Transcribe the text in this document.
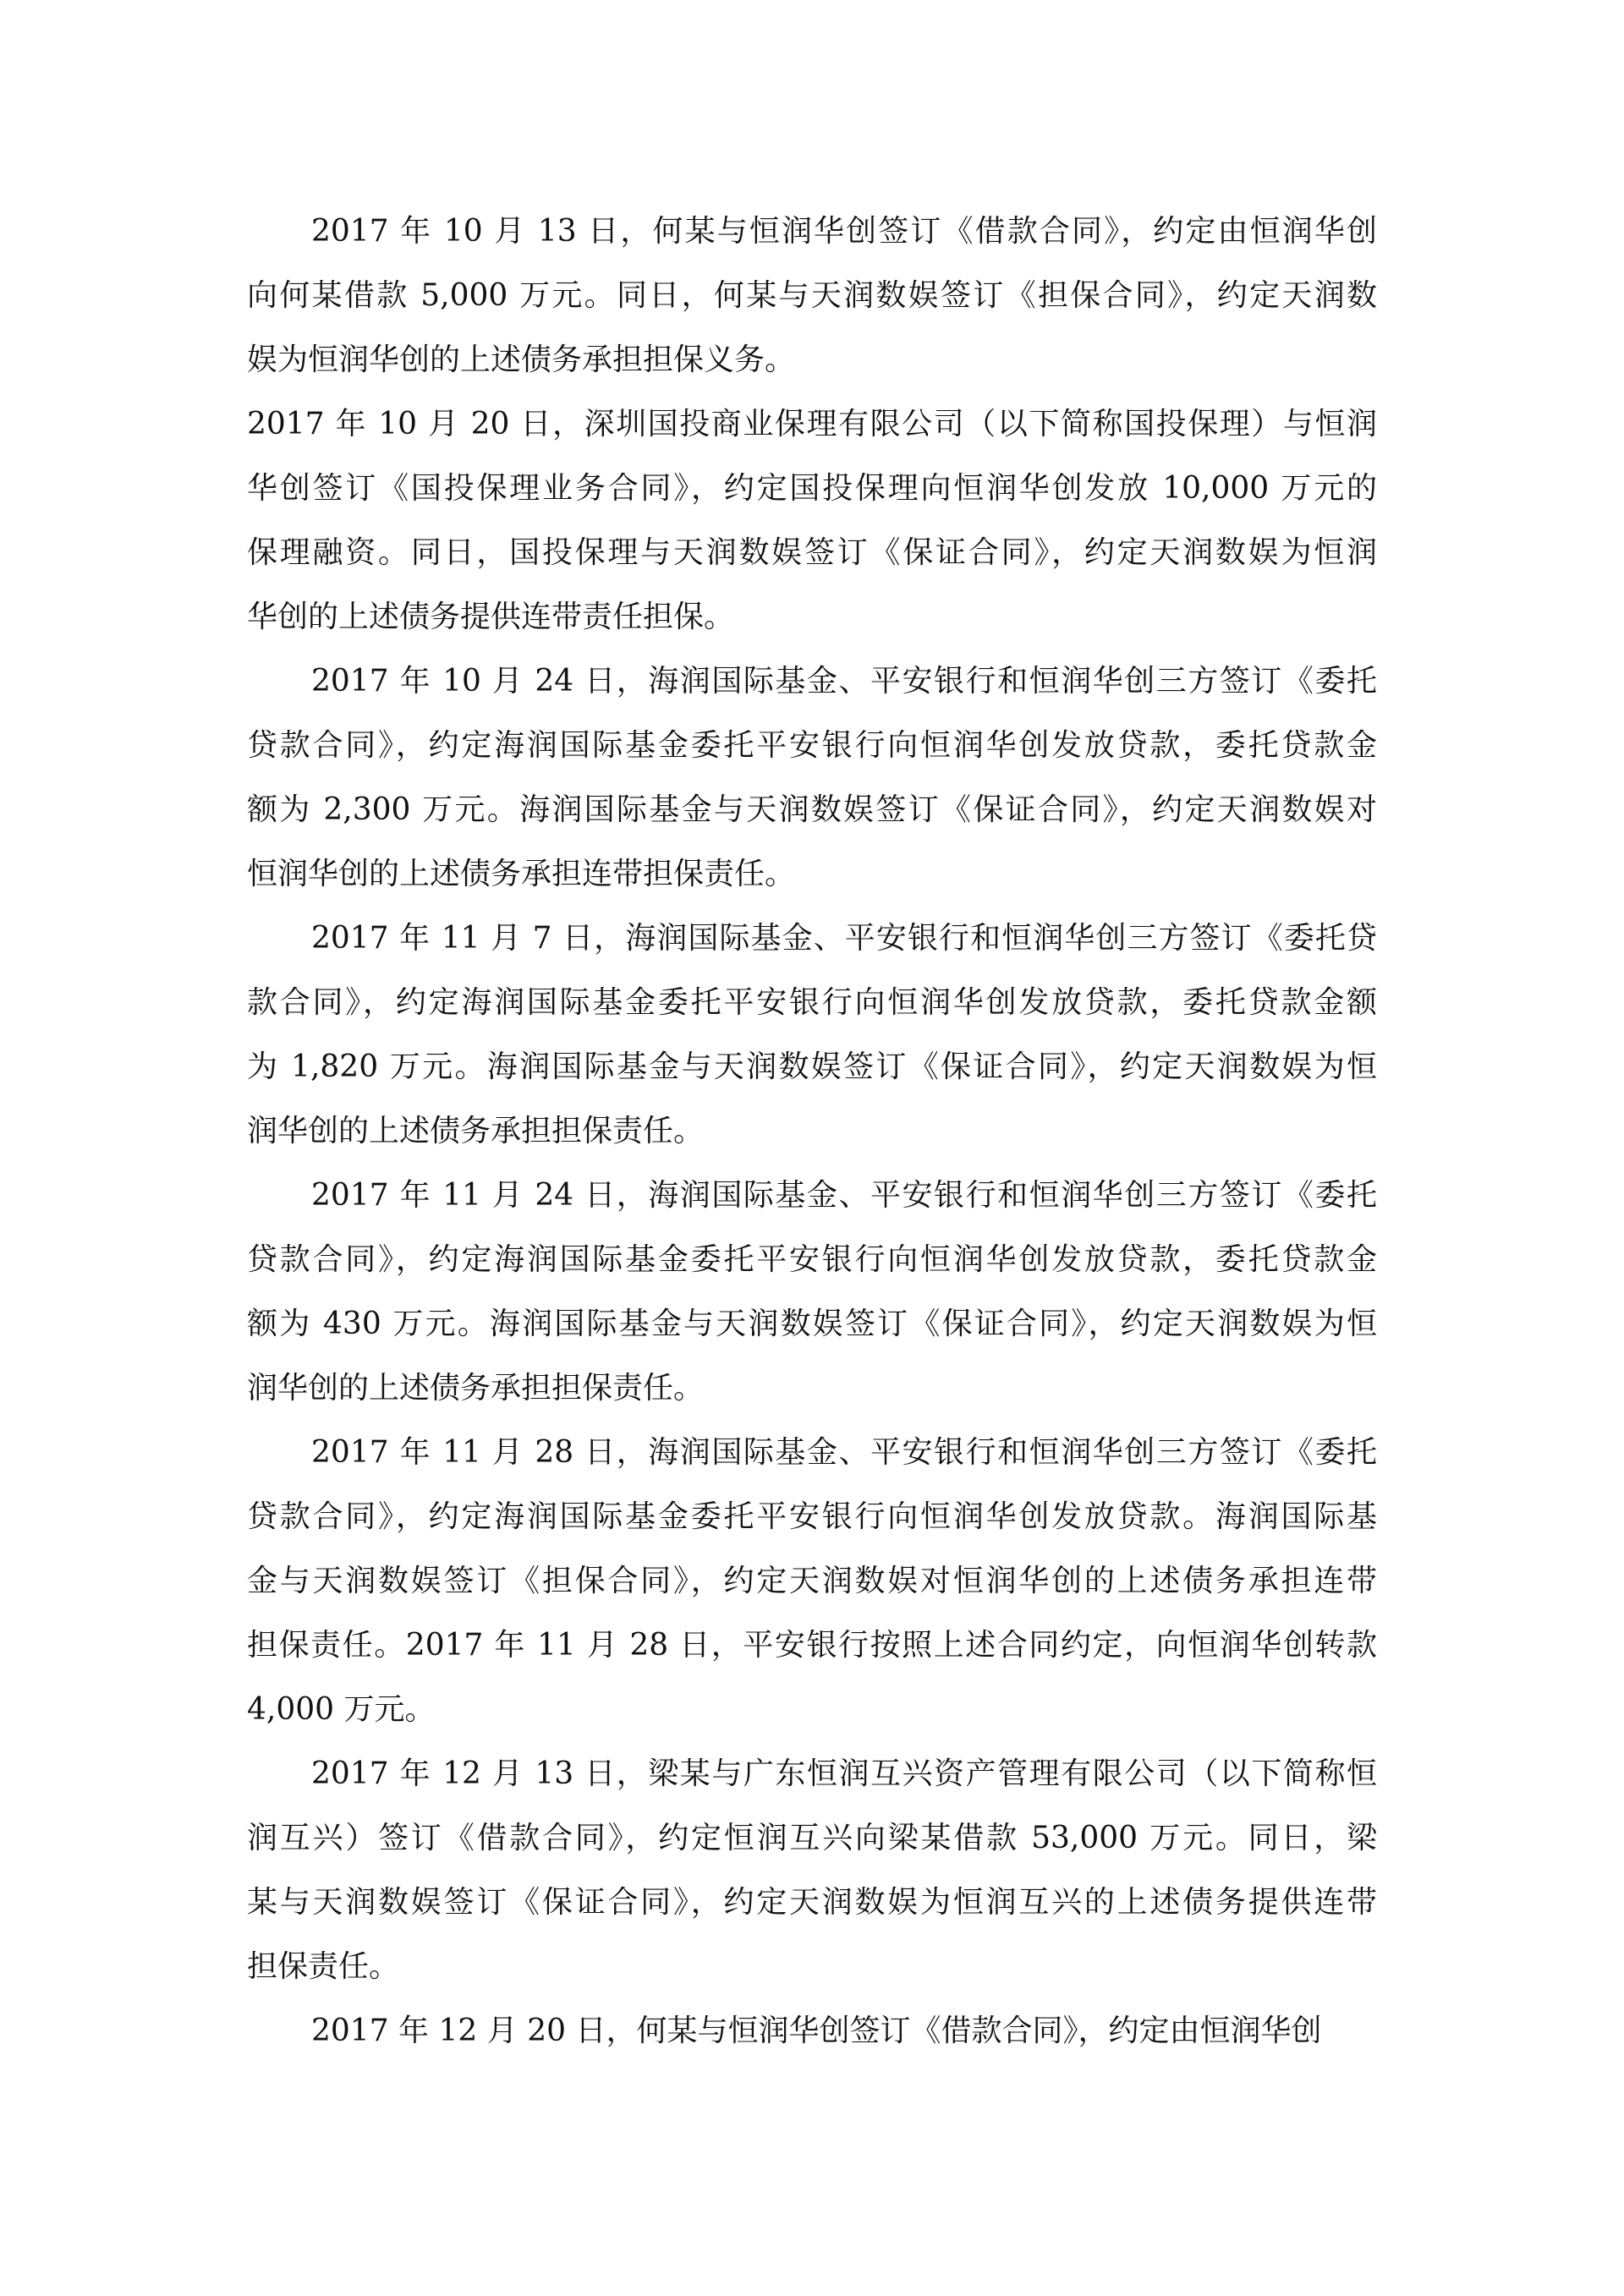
2017 年 10 月 13 日，何某与恒润华创签订《借款合同》，约定由恒润华创
向何某借款 5,000 万元。同日，何某与天润数娱签订《担保合同》，约定天润数
娱为恒润华创的上述债务承担担保义务。
2017 年 10 月 20 日，深圳国投商业保理有限公司（以下简称国投保理）与恒润
华创签订《国投保理业务合同》，约定国投保理向恒润华创发放 10,000 万元的
保理融资。同日，国投保理与天润数娱签订《保证合同》，约定天润数娱为恒润
华创的上述债务提供连带责任担保。
2017 年 10 月 24 日，海润国际基金、平安银行和恒润华创三方签订《委托
贷款合同》，约定海润国际基金委托平安银行向恒润华创发放贷款，委托贷款金
额为 2,300 万元。海润国际基金与天润数娱签订《保证合同》，约定天润数娱对
恒润华创的上述债务承担连带担保责任。
2017 年 11 月 7 日，海润国际基金、平安银行和恒润华创三方签订《委托贷
款合同》，约定海润国际基金委托平安银行向恒润华创发放贷款，委托贷款金额
为 1,820 万元。海润国际基金与天润数娱签订《保证合同》，约定天润数娱为恒
润华创的上述债务承担担保责任。
2017 年 11 月 24 日，海润国际基金、平安银行和恒润华创三方签订《委托
贷款合同》，约定海润国际基金委托平安银行向恒润华创发放贷款，委托贷款金
额为 430 万元。海润国际基金与天润数娱签订《保证合同》，约定天润数娱为恒
润华创的上述债务承担担保责任。
2017 年 11 月 28 日，海润国际基金、平安银行和恒润华创三方签订《委托
贷款合同》，约定海润国际基金委托平安银行向恒润华创发放贷款。海润国际基
金与天润数娱签订《担保合同》，约定天润数娱对恒润华创的上述债务承担连带
担保责任。2017 年 11 月 28 日，平安银行按照上述合同约定，向恒润华创转款
4,000 万元。
2017 年 12 月 13 日，梁某与广东恒润互兴资产管理有限公司（以下简称恒
润互兴）签订《借款合同》，约定恒润互兴向梁某借款 53,000 万元。同日，梁
某与天润数娱签订《保证合同》，约定天润数娱为恒润互兴的上述债务提供连带
担保责任。
2017 年 12 月 20 日，何某与恒润华创签订《借款合同》，约定由恒润华创
